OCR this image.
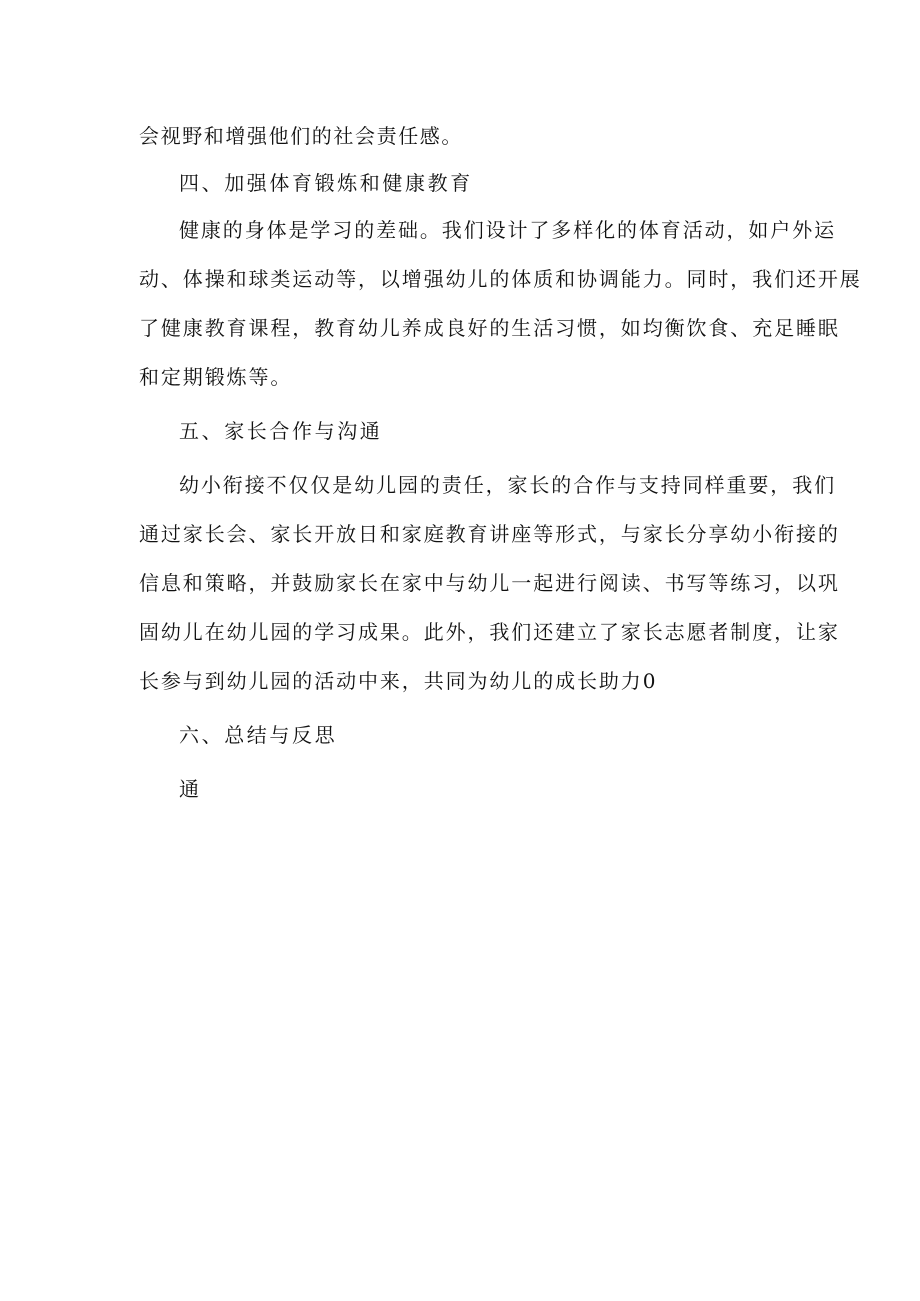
会视野和增强他们的社会责任感。
四、加强体育锻炼和健康教育
健康的身体是学习的差础。我们设计了多样化的体育活动，如户外运
动、体操和球类运动等，以增强幼儿的体质和协调能力。同时，我们还开展
了健康教育课程，教育幼儿养成良好的生活习惯，如均衡饮食、充足睡眠
和定期锻炼等。
五、家长合作与沟通
幼小衔接不仅仅是幼儿园的责任，家长的合作与支持同样重要，我们
通过家长会、家长开放日和家庭教育讲座等形式，与家长分享幼小衔接的
信息和策略，并鼓励家长在家中与幼儿一起进行阅读、书写等练习，以巩
固幼儿在幼儿园的学习成果。此外，我们还建立了家长志愿者制度，让家
长参与到幼儿园的活动中来，共同为幼儿的成长助力0
六、总结与反思
通
